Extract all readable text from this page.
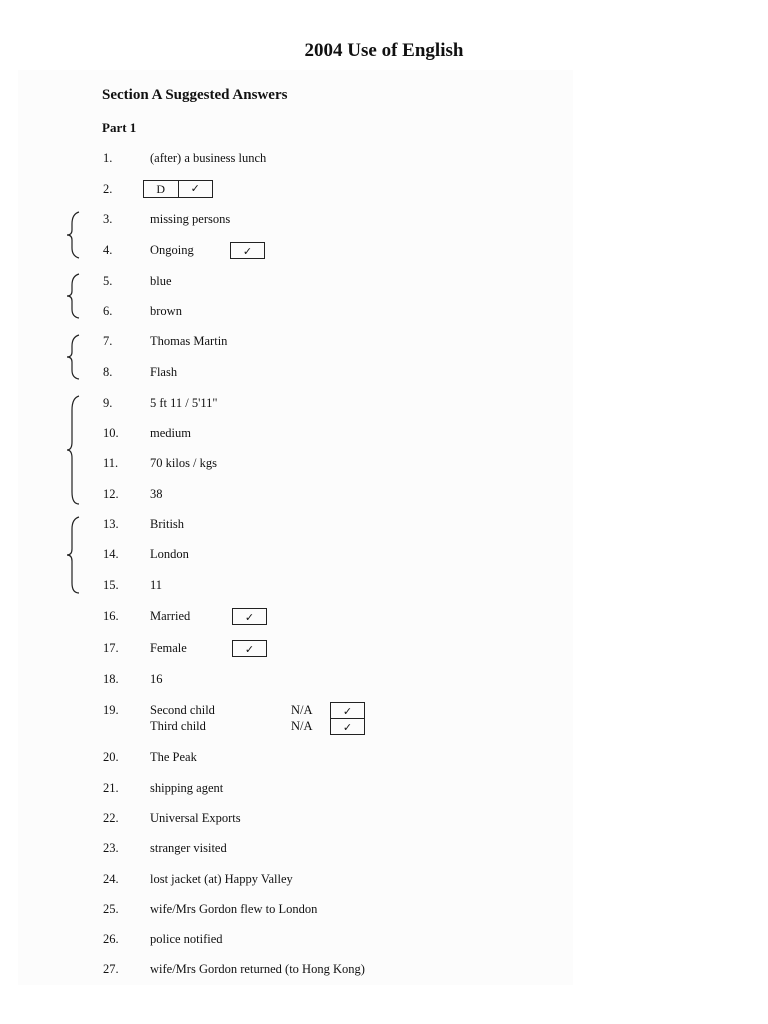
2004 Use of English
Section A Suggested Answers
Part 1
1.	(after) a business lunch
2.	D	✓
3.	missing persons
4.	Ongoing	✓
5.	blue
6.	brown
7.	Thomas Martin
8.	Flash
9.	5 ft 11 / 5'11"
10.	medium
11.	70 kilos / kgs
12.	38
13.	British
14.	London
15.	11
16.	Married	✓
17.	Female	✓
18.	16
19.	Second child	N/A	✓
Third child	N/A	✓
20.	The Peak
21.	shipping agent
22.	Universal Exports
23.	stranger visited
24.	lost jacket (at) Happy Valley
25.	wife/Mrs Gordon flew to London
26.	police notified
27.	wife/Mrs Gordon returned (to Hong Kong)
